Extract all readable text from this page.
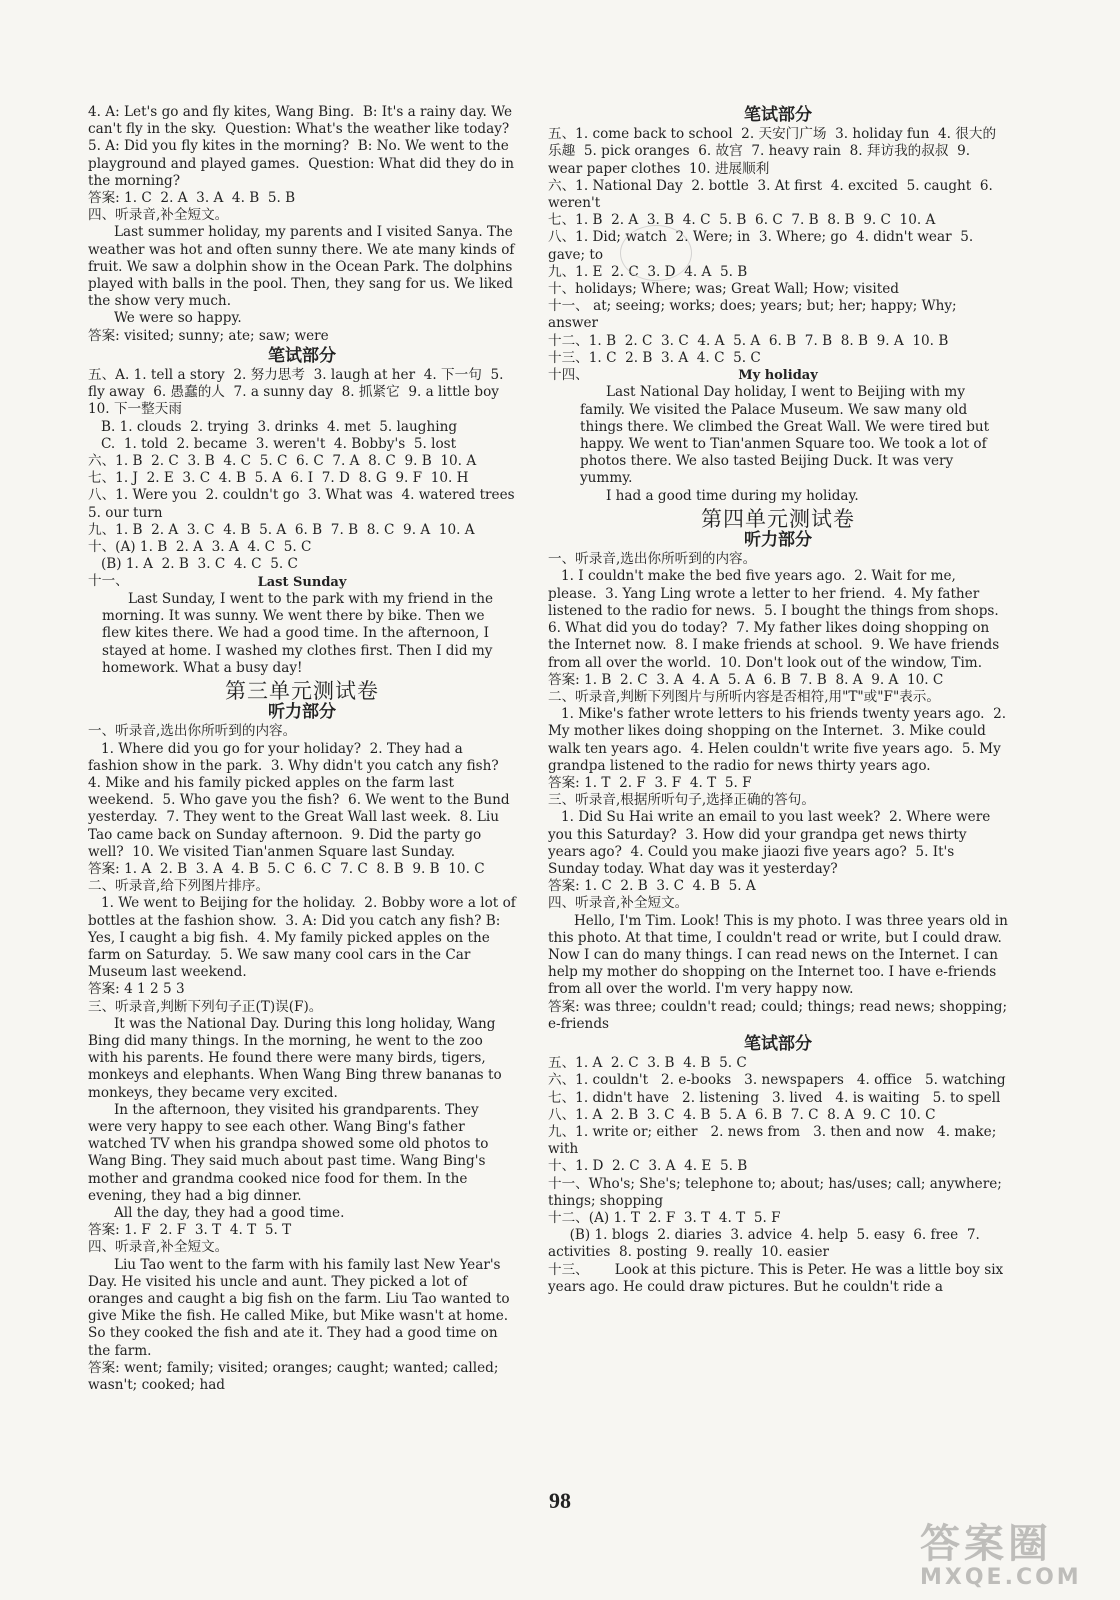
4. A: Let's go and fly kites, Wang Bing.  B: It's a rainy day. We can't fly in the sky.  Question: What's the weather like today?  5. A: Did you fly kites in the morning?  B: No. We went to the playground and played games.  Question: What did they do in the morning?

答案: 1. C  2. A  3. A  4. B  5. B

四、听录音,补全短文。

Last summer holiday, my parents and I visited Sanya. The weather was hot and often sunny there. We ate many kinds of fruit. We saw a dolphin show in the Ocean Park. The dolphins played with balls in the pool. Then, they sang for us. We liked the show very much.

We were so happy.

答案: visited; sunny; ate; saw; were

笔试部分

五、A. 1. tell a story  2. 努力思考  3. laugh at her  4. 下一句  5. fly away  6. 愚蠢的人  7. a sunny day  8. 抓紧它  9. a little boy  10. 下一整天雨

B. 1. clouds  2. trying  3. drinks  4. met  5. laughing

C.  1. told  2. became  3. weren't  4. Bobby's  5. lost

六、1. B  2. C  3. B  4. C  5. C  6. C  7. A  8. C  9. B  10. A

七、1. J  2. E  3. C  4. B  5. A  6. I  7. D  8. G  9. F  10. H

八、1. Were you  2. couldn't go  3. What was  4. watered trees  5. our turn

九、1. B  2. A  3. C  4. B  5. A  6. B  7. B  8. C  9. A  10. A

十、(A) 1. B  2. A  3. A  4. C  5. C

(B) 1. A  2. B  3. C  4. C  5. C

十一、	Last Sunday

Last Sunday, I went to the park with my friend in the morning. It was sunny. We went there by bike. Then we flew kites there. We had a good time. In the afternoon, I stayed at home. I washed my clothes first. Then I did my homework. What a busy day!

第三单元测试卷
听力部分

一、听录音,选出你所听到的内容。

1. Where did you go for your holiday?  2. They had a fashion show in the park.  3. Why didn't you catch any fish?  4. Mike and his family picked apples on the farm last weekend.  5. Who gave you the fish?  6. We went to the Bund yesterday.  7. They went to the Great Wall last week.  8. Liu Tao came back on Sunday afternoon.  9. Did the party go well?  10. We visited Tian'anmen Square last Sunday.

答案: 1. A  2. B  3. A  4. B  5. C  6. C  7. C  8. B  9. B  10. C

二、听录音,给下列图片排序。

1. We went to Beijing for the holiday.  2. Bobby wore a lot of bottles at the fashion show.  3. A: Did you catch any fish? B: Yes, I caught a big fish.  4. My family picked apples on the farm on Saturday.  5. We saw many cool cars in the Car Museum last weekend.

答案: 4 1 2 5 3

三、听录音,判断下列句子正(T)误(F)。

It was the National Day. During this long holiday, Wang Bing did many things. In the morning, he went to the zoo with his parents. He found there were many birds, tigers, monkeys and elephants. When Wang Bing threw bananas to monkeys, they became very excited.

In the afternoon, they visited his grandparents. They were very happy to see each other. Wang Bing's father watched TV when his grandpa showed some old photos to Wang Bing. They said much about past time. Wang Bing's mother and grandma cooked nice food for them. In the evening, they had a big dinner.

All the day, they had a good time.

答案: 1. F  2. F  3. T  4. T  5. T

四、听录音,补全短文。

Liu Tao went to the farm with his family last New Year's Day. He visited his uncle and aunt. They picked a lot of oranges and caught a big fish on the farm. Liu Tao wanted to give Mike the fish. He called Mike, but Mike wasn't at home. So they cooked the fish and ate it. They had a good time on the farm.

答案: went; family; visited; oranges; caught; wanted; called; wasn't; cooked; had

笔试部分

五、1. come back to school  2. 天安门广场  3. holiday fun  4. 很大的乐趣  5. pick oranges  6. 故宫  7. heavy rain  8. 拜访我的叔叔  9. wear paper clothes  10. 进展顺利

六、1. National Day  2. bottle  3. At first  4. excited  5. caught  6. weren't

七、1. B  2. A  3. B  4. C  5. B  6. C  7. B  8. B  9. C  10. A

八、1. Did; watch  2. Were; in  3. Where; go  4. didn't wear  5. gave; to

九、1. E  2. C  3. D  4. A  5. B

十、holidays; Where; was; Great Wall; How; visited

十一、 at; seeing; works; does; years; but; her; happy; Why; answer

十二、1. B  2. C  3. C  4. A  5. A  6. B  7. B  8. B  9. A  10. B

十三、1. C  2. B  3. A  4. C  5. C

十四、	My holiday

Last National Day holiday, I went to Beijing with my family. We visited the Palace Museum. We saw many old things there. We climbed the Great Wall. We were tired but happy. We went to Tian'anmen Square too. We took a lot of photos there. We also tasted Beijing Duck. It was very yummy.

I had a good time during my holiday.

第四单元测试卷
听力部分

一、听录音,选出你所听到的内容。

1. I couldn't make the bed five years ago.  2. Wait for me, please.  3. Yang Ling wrote a letter to her friend.  4. My father listened to the radio for news.  5. I bought the things from shops.  6. What did you do today?  7. My father likes doing shopping on the Internet now.  8. I make friends at school.  9. We have friends from all over the world.  10. Don't look out of the window, Tim.

答案: 1. B  2. C  3. A  4. A  5. A  6. B  7. B  8. A  9. A  10. C

二、听录音,判断下列图片与所听内容是否相符,用"T"或"F"表示。

1. Mike's father wrote letters to his friends twenty years ago.  2. My mother likes doing shopping on the Internet.  3. Mike could walk ten years ago.  4. Helen couldn't write five years ago.  5. My grandpa listened to the radio for news thirty years ago.

答案: 1. T  2. F  3. F  4. T  5. F

三、听录音,根据所听句子,选择正确的答句。

1. Did Su Hai write an email to you last week?  2. Where were you this Saturday?  3. How did your grandpa get news thirty years ago?  4. Could you make jiaozi five years ago?  5. It's Sunday today. What day was it yesterday?

答案: 1. C  2. B  3. C  4. B  5. A

四、听录音,补全短文。

Hello, I'm Tim. Look! This is my photo. I was three years old in this photo. At that time, I couldn't read or write, but I could draw. Now I can do many things. I can read news on the Internet. I can help my mother do shopping on the Internet too. I have e-friends from all over the world. I'm very happy now.

答案: was three; couldn't read; could; things; read news; shopping; e-friends

笔试部分

五、1. A  2. C  3. B  4. B  5. C

六、1. couldn't   2. e-books   3. newspapers   4. office   5. watching

七、1. didn't have   2. listening   3. lived   4. is waiting   5. to spell

八、1. A  2. B  3. C  4. B  5. A  6. B  7. C  8. A  9. C  10. C

九、1. write or; either   2. news from   3. then and now   4. make; with

十、1. D  2. C  3. A  4. E  5. B

十一、Who's; She's; telephone to; about; has/uses; call; anywhere; things; shopping

十二、(A) 1. T  2. F  3. T  4. T  5. F

(B) 1. blogs  2. diaries  3. advice  4. help  5. easy  6. free  7. activities  8. posting  9. really  10. easier

十三、      Look at this picture. This is Peter. He was a little boy six years ago. He could draw pictures. But he couldn't ride a

98
答案圈
MXQE.COM
